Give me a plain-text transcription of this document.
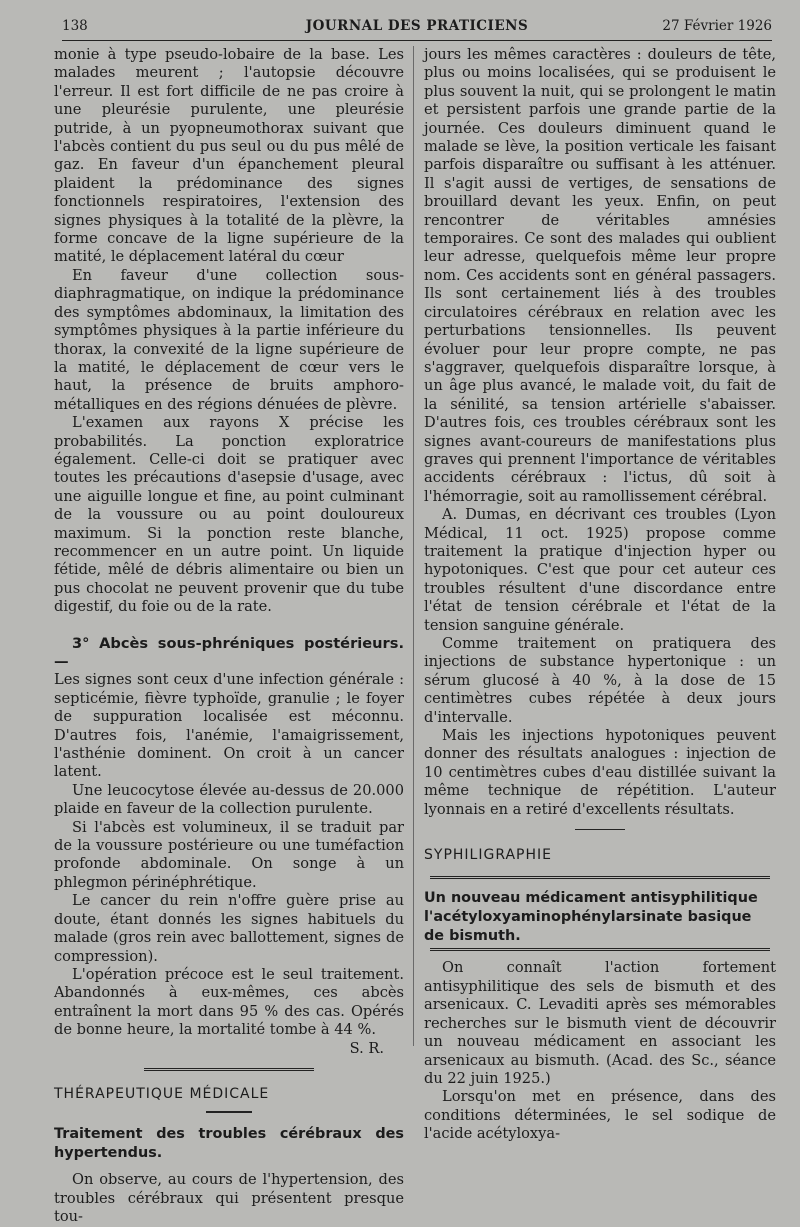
138	JOURNAL DES PRATICIENS	27 Février 1926

monie à type pseudo-lobaire de la base. Les malades meurent ; l'autopsie découvre l'erreur. Il est fort difficile de ne pas croire à une pleurésie purulente, une pleurésie putride, à un pyopneumothorax suivant que l'abcès contient du pus seul ou du pus mêlé de gaz. En faveur d'un épanchement pleural plaident la prédominance des signes fonctionnels respiratoires, l'extension des signes physiques à la totalité de la plèvre, la forme concave de la ligne supérieure de la matité, le déplacement latéral du cœur

En faveur d'une collection sous-diaphragmatique, on indique la prédominance des symptômes abdominaux, la limitation des symptômes physiques à la partie inférieure du thorax, la convexité de la ligne supérieure de la matité, le déplacement de cœur vers le haut, la présence de bruits amphoro-métalliques en des régions dénuées de plèvre.

L'examen aux rayons X précise les probabilités. La ponction exploratrice également. Celle-ci doit se pratiquer avec toutes les précautions d'asepsie d'usage, avec une aiguille longue et fine, au point culminant de la voussure ou au point douloureux maximum. Si la ponction reste blanche, recommencer en un autre point. Un liquide fétide, mêlé de débris alimentaire ou bien un pus chocolat ne peuvent provenir que du tube digestif, du foie ou de la rate.

3° Abcès sous-phréniques postérieurs. —

Les signes sont ceux d'une infection générale : septicémie, fièvre typhoïde, granulie ; le foyer de suppuration localisée est méconnu. D'autres fois, l'anémie, l'amaigrissement, l'asthénie dominent. On croit à un cancer latent.

Une leucocytose élevée au-dessus de 20.000 plaide en faveur de la collection purulente.

Si l'abcès est volumineux, il se traduit par de la voussure postérieure ou une tuméfaction profonde abdominale. On songe à un phlegmon périnéphrétique.

Le cancer du rein n'offre guère prise au doute, étant donnés les signes habituels du malade (gros rein avec ballottement, signes de compression).

L'opération précoce est le seul traitement. Abandonnés à eux-mêmes, ces abcès entraînent la mort dans 95 % des cas. Opérés de bonne heure, la mortalité tombe à 44 %.

S. R.

THÉRAPEUTIQUE MÉDICALE

Traitement des troubles cérébraux des hypertendus.

On observe, au cours de l'hypertension, des troubles cérébraux qui présentent presque tou-

jours les mêmes caractères : douleurs de tête, plus ou moins localisées, qui se produisent le plus souvent la nuit, qui se prolongent le matin et persistent parfois une grande partie de la journée. Ces douleurs diminuent quand le malade se lève, la position verticale les faisant parfois disparaître ou suffisant à les atténuer. Il s'agit aussi de vertiges, de sensations de brouillard devant les yeux. Enfin, on peut rencontrer de véritables amnésies temporaires. Ce sont des malades qui oublient leur adresse, quelquefois même leur propre nom. Ces accidents sont en général passagers. Ils sont certainement liés à des troubles circulatoires cérébraux en relation avec les perturbations tensionnelles. Ils peuvent évoluer pour leur propre compte, ne pas s'aggraver, quelquefois disparaître lorsque, à un âge plus avancé, le malade voit, du fait de la sénilité, sa tension artérielle s'abaisser. D'autres fois, ces troubles cérébraux sont les signes avant-coureurs de manifestations plus graves qui prennent l'importance de véritables accidents cérébraux : l'ictus, dû soit à l'hémorragie, soit au ramollissement cérébral.

A. Dumas, en décrivant ces troubles (Lyon Médical, 11 oct. 1925) propose comme traitement la pratique d'injection hyper ou hypotoniques. C'est que pour cet auteur ces troubles résultent d'une discordance entre l'état de tension cérébrale et l'état de la tension sanguine générale.

Comme traitement on pratiquera des injections de substance hypertonique : un sérum glucosé à 40 %, à la dose de 15 centimètres cubes répétée à deux jours d'intervalle.

Mais les injections hypotoniques peuvent donner des résultats analogues : injection de 10 centimètres cubes d'eau distillée suivant la même technique de répétition. L'auteur lyonnais en a retiré d'excellents résultats.

SYPHILIGRAPHIE

Un nouveau médicament antisyphilitique

l'acétyloxyaminophénylarsinate basique

de bismuth.

On connaît l'action fortement antisyphilitique des sels de bismuth et des arsenicaux. C. Levaditi après ses mémorables recherches sur le bismuth vient de découvrir un nouveau médicament en associant les arsenicaux au bismuth. (Acad. des Sc., séance du 22 juin 1925.)

Lorsqu'on met en présence, dans des conditions déterminées, le sel sodique de l'acide acétyloxya-
